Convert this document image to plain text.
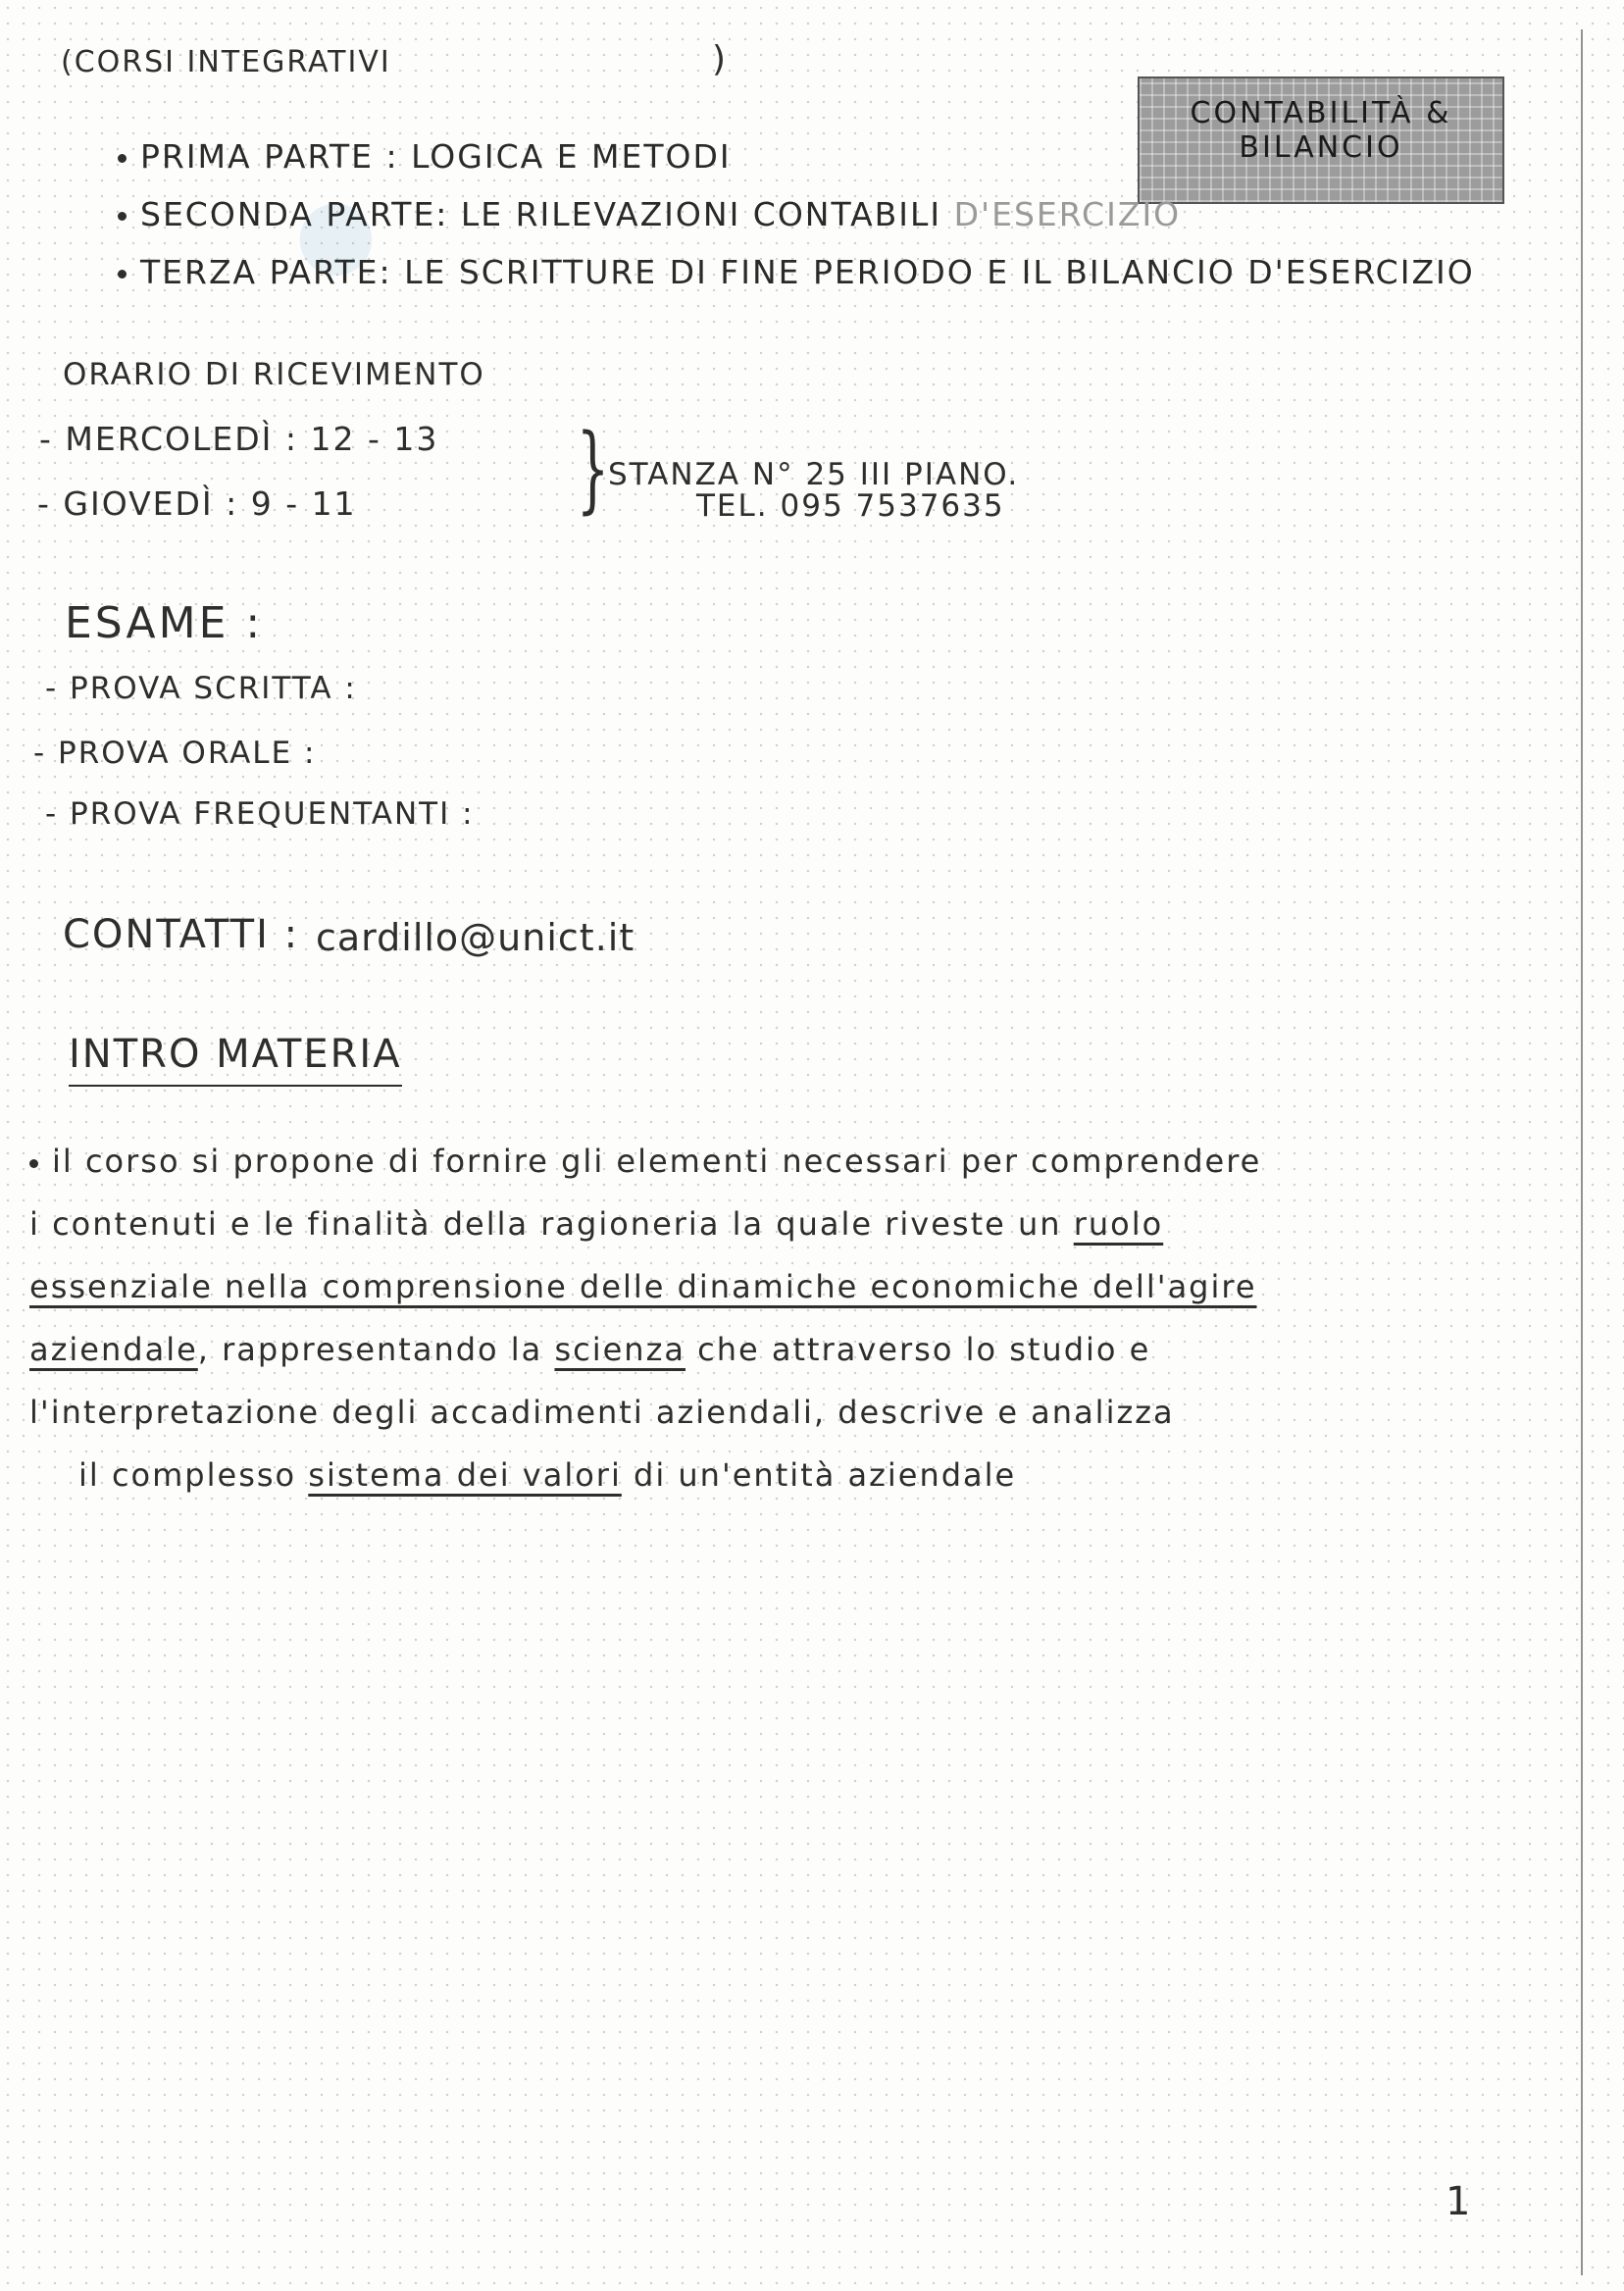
●
(CORSI INTEGRATIVI	)
CONTABILITÀ &
BILANCIO
PRIMA PARTE : LOGICA E METODI
SECONDA PARTE: LE RILEVAZIONI CONTABILI D'ESERCIZIO
TERZA PARTE: LE SCRITTURE DI FINE PERIODO E IL BILANCIO D'ESERCIZIO
ORARIO DI RICEVIMENTO
- MERCOLEDÌ : 12 - 13
- GIOVEDÌ : 9 - 11 }
STANZA N° 25 III PIANO.
TEL. 095 7537635
ESAME :
- PROVA SCRITTA :
- PROVA ORALE :
- PROVA FREQUENTANTI :
CONTATTI : cardillo@unict.it
INTRO MATERIA

il corso si propone di fornire gli elementi necessari per comprendere

i contenuti e le finalità della ragioneria la quale riveste un ruolo

essenziale nella comprensione delle dinamiche economiche dell'agire

aziendale, rappresentando la scienza che attraverso lo studio e

l'interpretazione degli accadimenti aziendali, descrive e analizza

il complesso sistema dei valori di un'entità aziendale

1
